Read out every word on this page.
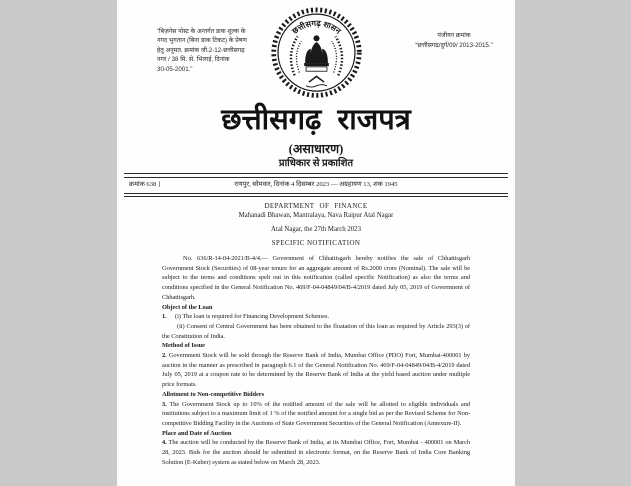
“बिज़नेस पोस्ट के अन्तर्गत डाक शुल्क के
नगद भुगतान (बिना डाक टिकट) के प्रेषण
हेतु अनुमत. क्रमांक जी.2-12-छत्तीसगढ़
नगर / 38 मि. से. भिलाई, दिनांक
30-05-2001.”
छत्तीसगढ़ शासन	पंजीयन क्रमांक
“छत्तीसगढ़/दुर्ग/09/ 2013-2015.”
छत्तीसगढ़ राजपत्र
(असाधारण)
प्राधिकार से प्रकाशित
क्रमांक 638 ]	रायपुर, सोमवार, दिनांक 4 दिसम्बर 2023 — अग्रहायण 13, शक 1945
DEPARTMENT OF FINANCE
Mahanadi Bhawan, Mantralaya, Nava Raipur Atal Nagar
Atal Nagar, the 27th March 2023
SPECIFIC NOTIFICATION

No. 636/R-14-04-2021/B-4/4.— Government of Chhattisgarh hereby notifies the sale of Chhattisgarh Government Stock (Securities) of 08-year tenure for an aggregate amount of Rs.2000 crore (Nominal). The sale will be subject to the terms and conditions spelt out in this notification (called specific Notification) as also the terms and conditions specified in the General Notification No. 469/F-04-04849/04/B-4/2019 dated July 05, 2019 of Government of Chhattisgarh.

Object of the Loan

1. (i) The loan is required for Financing Development Schemes.

(ii) Consent of Central Government has been obtained to the floatation of this loan as required by Article 293(3) of the Constitution of India.

Method of Issue

2. Government Stock will be sold through the Reserve Bank of India, Mumbai Office (PDO) Fort, Mumbai-400001 by auction in the manner as prescribed in paragraph 6.1 of the General Notification No. 469/F-04-04849/04/B-4/2019 dated July 05, 2019 at a coupon rate to be determined by the Reserve Bank of India at the yield based auction under multiple price formats.

Allotment to Non-competitive Bidders

3. The Government Stock up to 10% of the notified amount of the sale will be allotted to eligible individuals and institutions subject to a maximum limit of 1 % of the notified amount for a single bid as per the Revised Scheme for Non-competitive Bidding Facility in the Auctions of State Government Securities of the General Notification (Annexure-II).

Place and Date of Auction

4. The auction will be conducted by the Reserve Bank of India, at its Mumbai Office, Fort, Mumbai - 400001 on March 28, 2023. Bids for the auction should be submitted in electronic format, on the Reserve Bank of India Core Banking Solution (E-Kuber) system as stated below on March 28, 2023.
